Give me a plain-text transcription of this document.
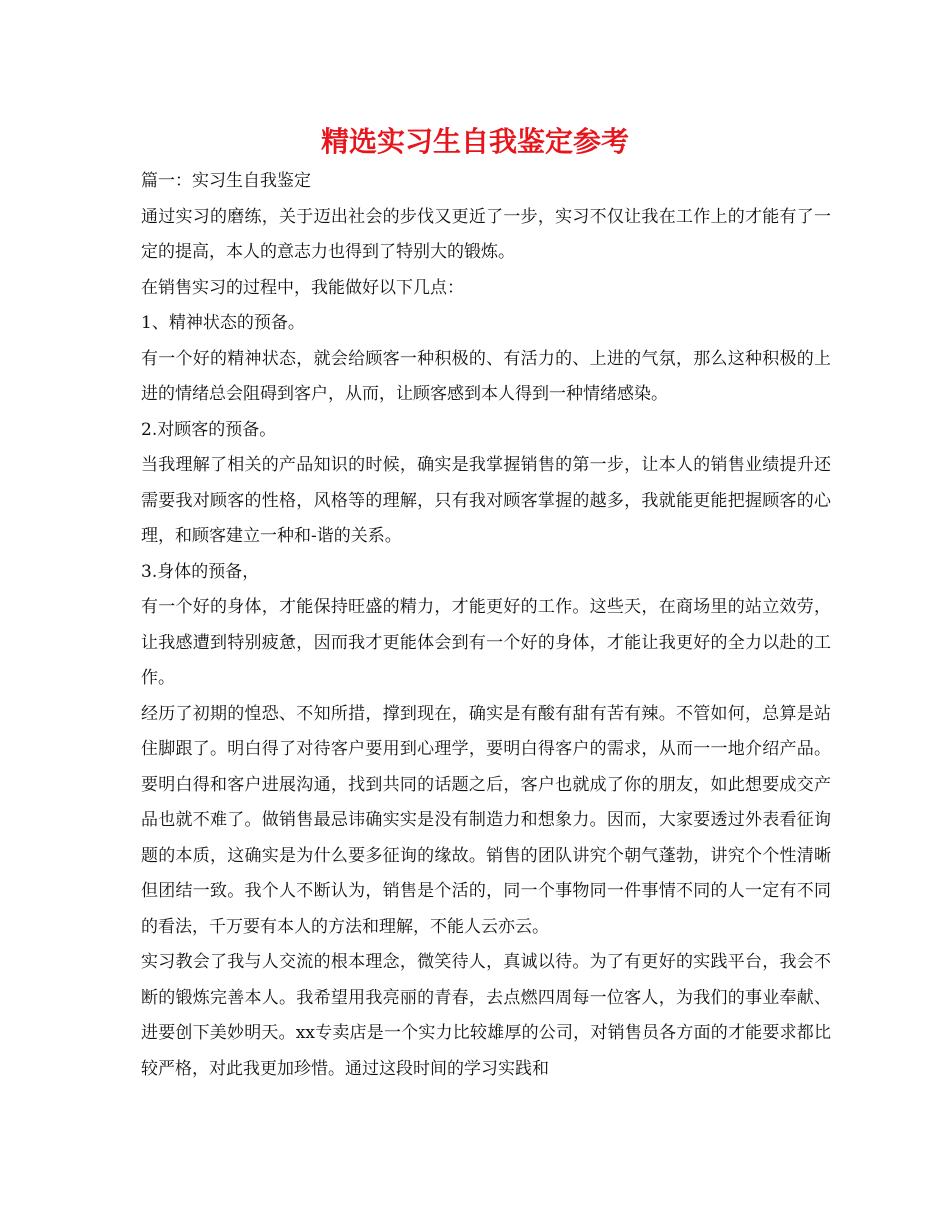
精选实习生自我鉴定参考

篇一：实习生自我鉴定

通过实习的磨练，关于迈出社会的步伐又更近了一步，实习不仅让我在工作上的才能有了一定的提高，本人的意志力也得到了特别大的锻炼。

在销售实习的过程中，我能做好以下几点：

1、精神状态的预备。

有一个好的精神状态，就会给顾客一种积极的、有活力的、上进的气氛，那么这种积极的上进的情绪总会阻碍到客户，从而，让顾客感到本人得到一种情绪感染。

2.对顾客的预备。

当我理解了相关的产品知识的时候，确实是我掌握销售的第一步，让本人的销售业绩提升还需要我对顾客的性格，风格等的理解，只有我对顾客掌握的越多，我就能更能把握顾客的心理，和顾客建立一种和-谐的关系。

3.身体的预备，

有一个好的身体，才能保持旺盛的精力，才能更好的工作。这些天，在商场里的站立效劳，让我感遭到特别疲惫，因而我才更能体会到有一个好的身体，才能让我更好的全力以赴的工作。

经历了初期的惶恐、不知所措，撑到现在，确实是有酸有甜有苦有辣。不管如何，总算是站住脚跟了。明白得了对待客户要用到心理学，要明白得客户的需求，从而一一地介绍产品。要明白得和客户进展沟通，找到共同的话题之后，客户也就成了你的朋友，如此想要成交产品也就不难了。做销售最忌讳确实实是没有制造力和想象力。因而，大家要透过外表看征询题的本质，这确实是为什么要多征询的缘故。销售的团队讲究个朝气蓬勃，讲究个个性清晰但团结一致。我个人不断认为，销售是个活的，同一个事物同一件事情不同的人一定有不同的看法，千万要有本人的方法和理解，不能人云亦云。

实习教会了我与人交流的根本理念，微笑待人，真诚以待。为了有更好的实践平台，我会不断的锻炼完善本人。我希望用我亮丽的青春，去点燃四周每一位客人，为我们的事业奉献、进要创下美妙明天。xx专卖店是一个实力比较雄厚的公司，对销售员各方面的才能要求都比较严格，对此我更加珍惜。通过这段时间的学习实践和
